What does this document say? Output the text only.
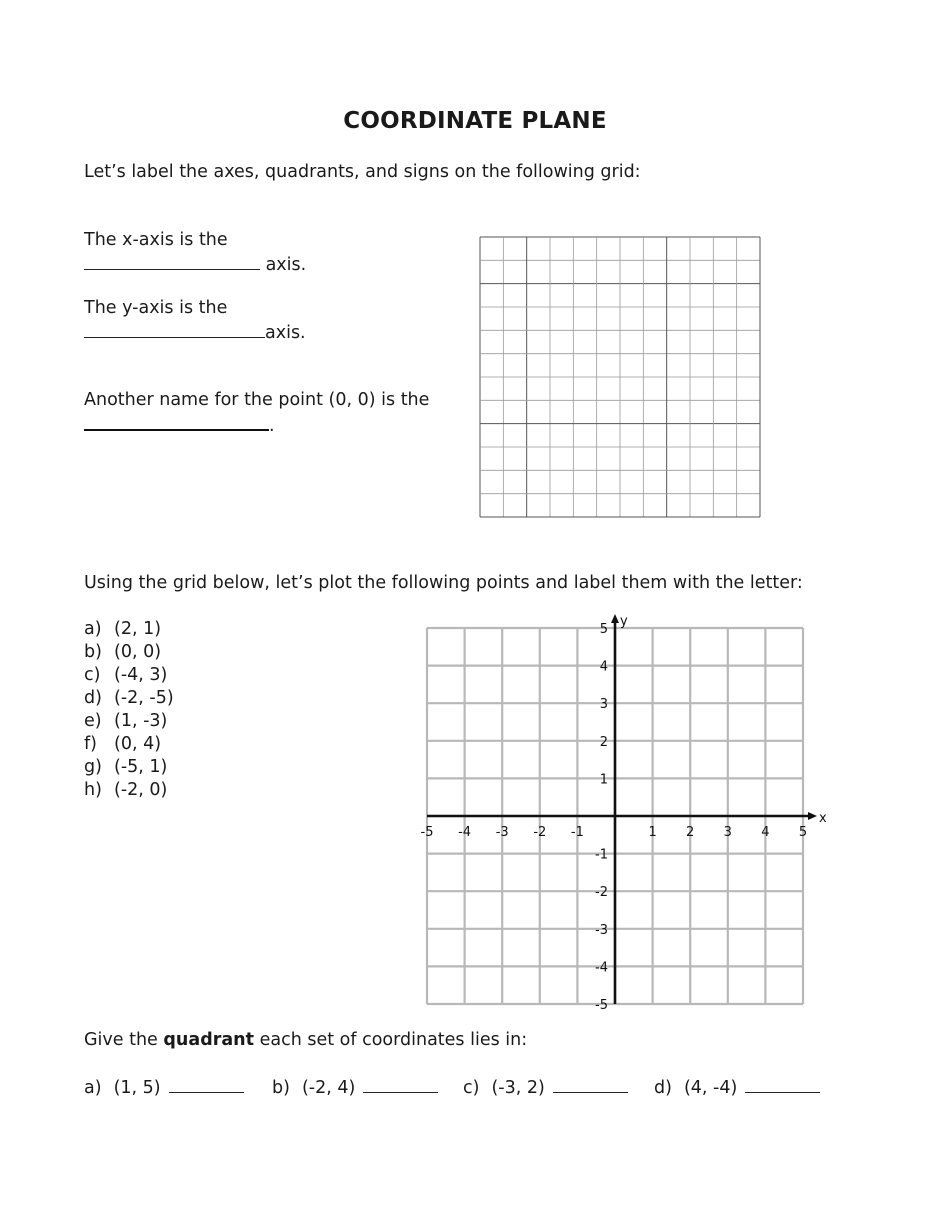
COORDINATE PLANE
Let’s label the axes, quadrants, and signs on the following grid:
The x-axis is the
axis.
The y-axis is the
axis.
Another name for the point (0, 0) is the
.
Using the grid below, let’s plot the following points and label them with the letter:
a) (2, 1)
b) (0, 0)
c) (-4, 3)
d) (-2, -5)
e) (1, -3)
f) (0, 4)
g) (-5, 1)
h) (-2, 0)
x
y
-5 -4 -3 -2 -1	1 2 3 4 5
5
4
3
2
1
-1
-2
-3
-4
-5
Give the quadrant each set of coordinates lies in:
a) (1, 5)	b) (-2, 4)	c) (-3, 2)	d) (4, -4)
